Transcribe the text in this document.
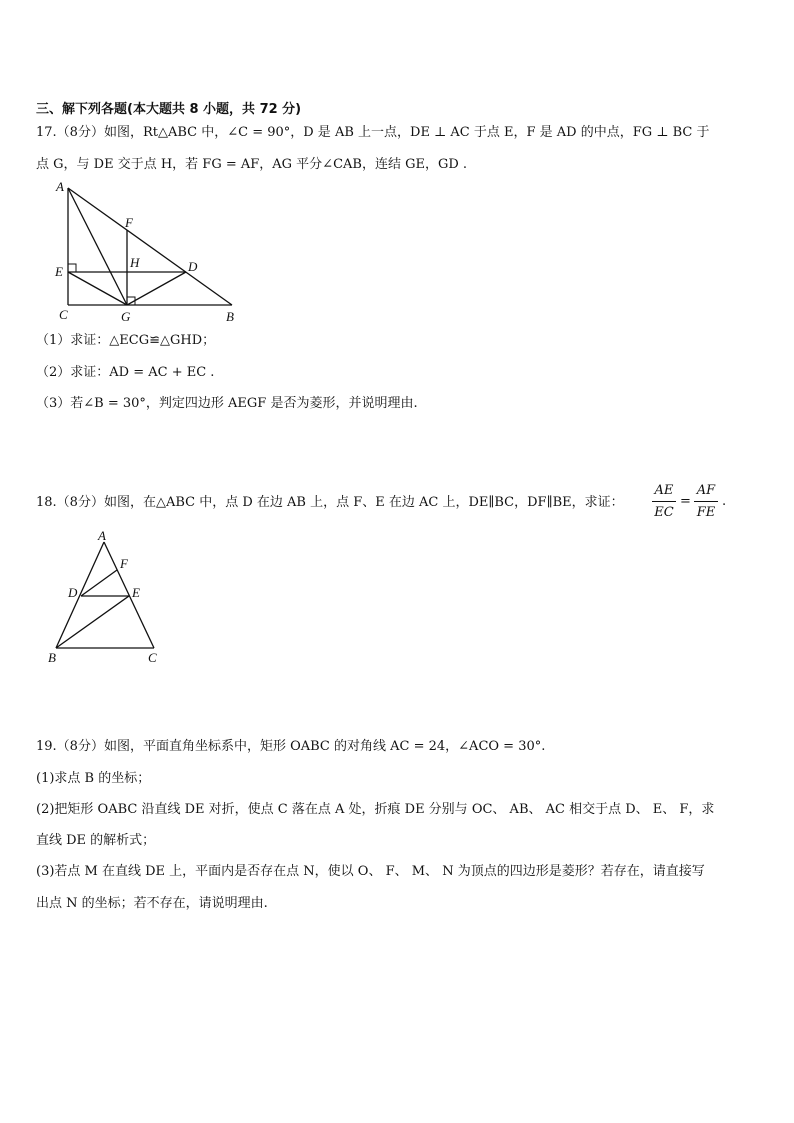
三、解下列各题(本大题共 8 小题，共 72 分)
17.（8分）如图，Rt△ABC 中，∠C = 90°，D 是 AB 上一点，DE ⊥ AC 于点 E，F 是 AD 的中点，FG ⊥ BC 于
点 G，与 DE 交于点 H，若 FG = AF，AG 平分∠CAB，连结 GE，GD .
A
F
H	D
E
C	G	B
（1）求证：△ECG≌△GHD；
（2）求证：AD = AC + EC .
（3）若∠B = 30°，判定四边形 AEGF 是否为菱形，并说明理由.
18.（8分）如图，在△ABC 中，点 D 在边 AB 上，点 F、E 在边 AC 上，DE∥BC，DF∥BE，求证：
AE
EC
=
AF
FE
.
A
F
D	E
B	C
19.（8分）如图，平面直角坐标系中，矩形 OABC 的对角线 AC = 24，∠ACO = 30°.
(1)求点 B 的坐标；
(2)把矩形 OABC 沿直线 DE 对折，使点 C 落在点 A 处，折痕 DE 分别与 OC、 AB、 AC 相交于点 D、 E、 F，求
直线 DE 的解析式；
(3)若点 M 在直线 DE 上，平面内是否存在点 N，使以 O、 F、 M、 N 为顶点的四边形是菱形？若存在，请直接写
出点 N 的坐标；若不存在，请说明理由.
